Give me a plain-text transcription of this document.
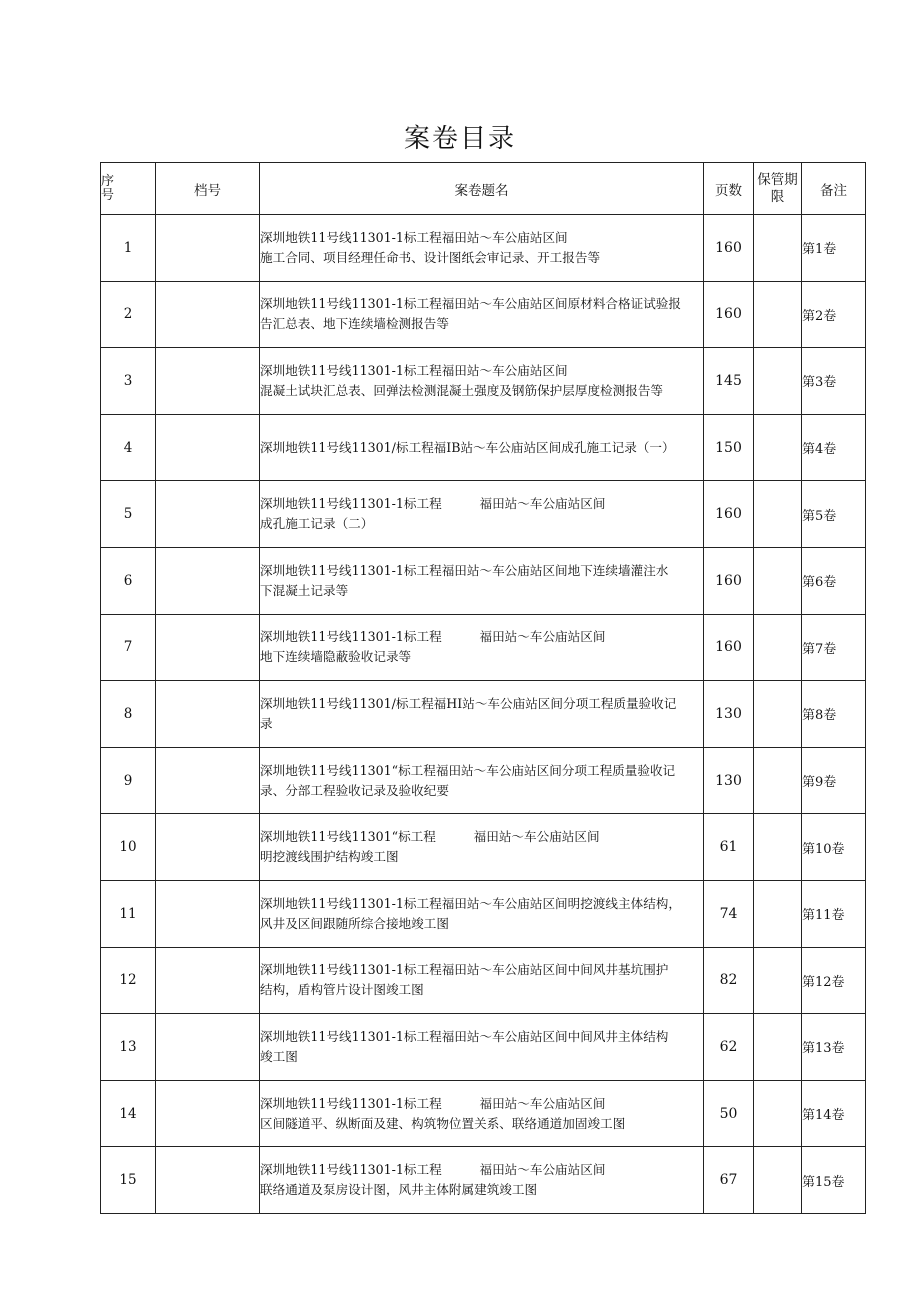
案卷目录
序号	档号	案卷题名	页数	保管期限	备注
1		深圳地铁11号线11301-1标工程福田站～车公庙站区间
施工合同、项目经理任命书、设计图纸会审记录、开工报告等	160		第1卷
2		深圳地铁11号线11301-1标工程福田站～车公庙站区间原材料合格证试验报
告汇总表、地下连续墙检测报告等	160		第2卷
3		深圳地铁11号线11301-1标工程福田站～车公庙站区间
混凝土试块汇总表、回弹法检测混凝土强度及钢筋保护层厚度检测报告等	145		第3卷
4		深圳地铁11号线11301/标工程福IB站～车公庙站区间成孔施工记录（一）	150		第4卷
5		深圳地铁11号线11301-1标工程　　　福田站～车公庙站区间
成孔施工记录（二）	160		第5卷
6		深圳地铁11号线11301-1标工程福田站～车公庙站区间地下连续墙灌注水
下混凝土记录等	160		第6卷
7		深圳地铁11号线11301-1标工程　　　福田站～车公庙站区间
地下连续墙隐蔽验收记录等	160		第7卷
8		深圳地铁11号线11301/标工程福HI站～车公庙站区间分项工程质量验收记
录	130		第8卷
9		深圳地铁11号线11301“标工程福田站～车公庙站区间分项工程质量验收记
录、分部工程验收记录及验收纪要	130		第9卷
10		深圳地铁11号线11301“标工程　　　福田站～车公庙站区间
明挖渡线围护结构竣工图	61		第10卷
11		深圳地铁11号线11301-1标工程福田站～车公庙站区间明挖渡线主体结构，
风井及区间跟随所综合接地竣工图	74		第11卷
12		深圳地铁11号线11301-1标工程福田站～车公庙站区间中间风井基坑围护
结构，盾构管片设计图竣工图	82		第12卷
13		深圳地铁11号线11301-1标工程福田站～车公庙站区间中间风井主体结构
竣工图	62		第13卷
14		深圳地铁11号线11301-1标工程　　　福田站～车公庙站区间
区间隧道平、纵断面及建、构筑物位置关系、联络通道加固竣工图	50		第14卷
15		深圳地铁11号线11301-1标工程　　　福田站～车公庙站区间
联络通道及泵房设计图，风井主体附属建筑竣工图	67		第15卷
